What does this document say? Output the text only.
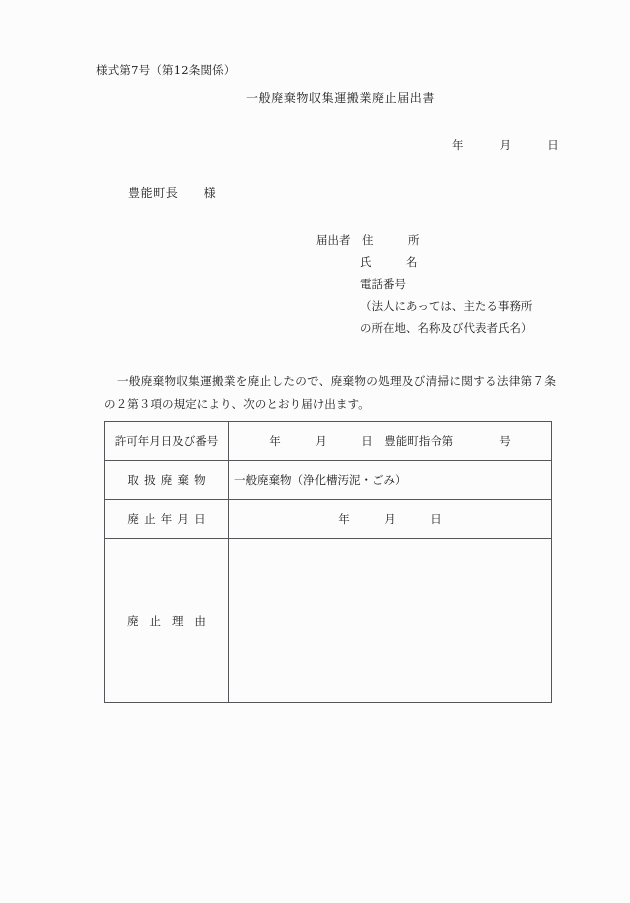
様式第7号（第12条関係）
一般廃棄物収集運搬業廃止届出書
年　　　月　　　日
豊能町長　　様
届出者　 住　　　所
氏　　　名
電話番号
（法人にあっては、主たる事務所
の所在地、名称及び代表者氏名）
一般廃棄物収集運搬業を廃止したので、廃棄物の処理及び清掃に関する法律第７条の２第３項の規定により、次のとおり届け出ます。
許可年月日及び番号	年　　　月　　　日　豊能町指令第　　　　号
取扱廃棄物	一般廃棄物（浄化槽汚泥・ごみ）
廃止年月日	年　　　月　　　日
廃止理由	
